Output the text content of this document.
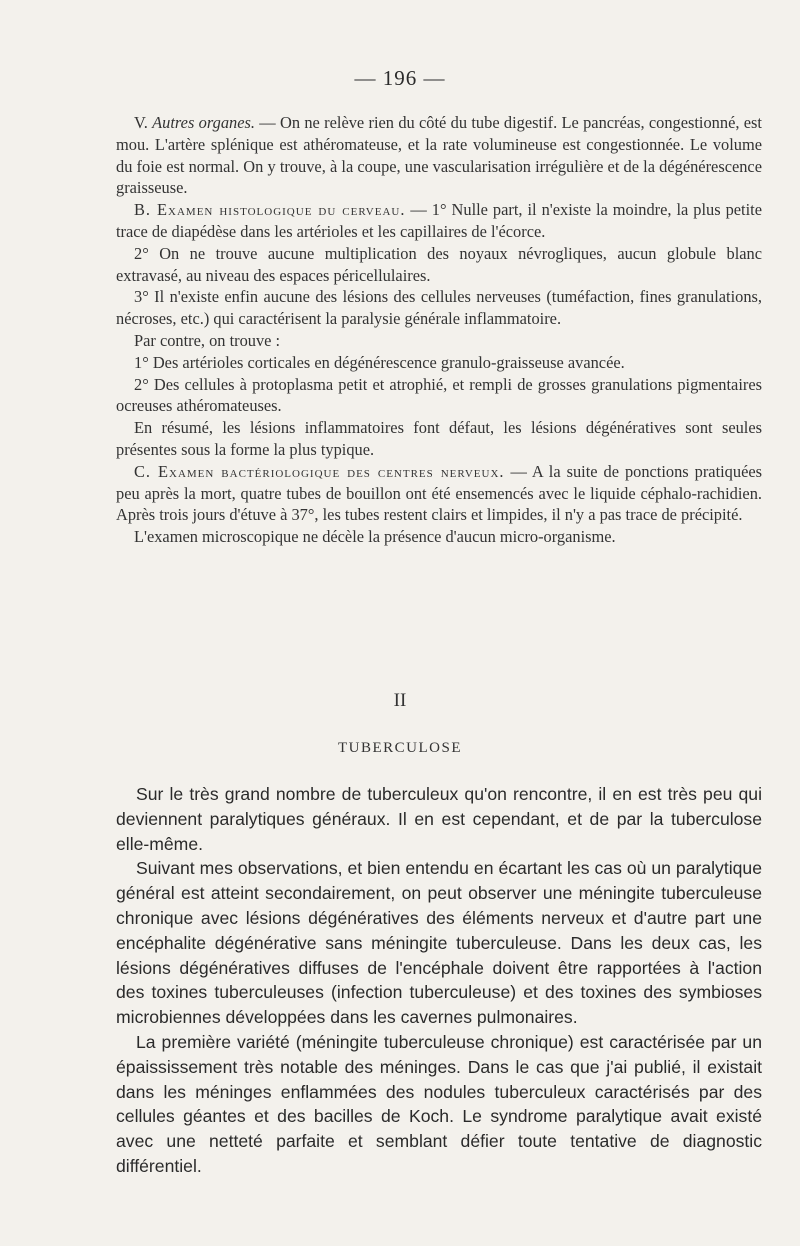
— 196 —

V. Autres organes. — On ne relève rien du côté du tube digestif. Le pancréas, congestionné, est mou. L'artère splénique est athéromateuse, et la rate volumineuse est congestionnée. Le volume du foie est normal. On y trouve, à la coupe, une vascularisation irrégulière et de la dégénérescence graisseuse.

B. Examen histologique du cerveau. — 1° Nulle part, il n'existe la moindre, la plus petite trace de diapédèse dans les artérioles et les capillaires de l'écorce.

2° On ne trouve aucune multiplication des noyaux névrogliques, aucun globule blanc extravasé, au niveau des espaces péricellulaires.

3° Il n'existe enfin aucune des lésions des cellules nerveuses (tuméfaction, fines granulations, nécroses, etc.) qui caractérisent la paralysie générale inflammatoire.

Par contre, on trouve :

1° Des artérioles corticales en dégénérescence granulo-graisseuse avancée.

2° Des cellules à protoplasma petit et atrophié, et rempli de grosses granulations pigmentaires ocreuses athéromateuses.

En résumé, les lésions inflammatoires font défaut, les lésions dégénératives sont seules présentes sous la forme la plus typique.

C. Examen bactériologique des centres nerveux. — A la suite de ponctions pratiquées peu après la mort, quatre tubes de bouillon ont été ensemencés avec le liquide céphalo-rachidien. Après trois jours d'étuve à 37°, les tubes restent clairs et limpides, il n'y a pas trace de précipité.

L'examen microscopique ne décèle la présence d'aucun micro-organisme.

II
TUBERCULOSE

Sur le très grand nombre de tuberculeux qu'on rencontre, il en est très peu qui deviennent paralytiques généraux. Il en est cependant, et de par la tuberculose elle-même.

Suivant mes observations, et bien entendu en écartant les cas où un paralytique général est atteint secondairement, on peut observer une méningite tuberculeuse chronique avec lésions dégénératives des éléments nerveux et d'autre part une encéphalite dégénérative sans méningite tuberculeuse. Dans les deux cas, les lésions dégénératives diffuses de l'encéphale doivent être rapportées à l'action des toxines tuberculeuses (infection tuberculeuse) et des toxines des symbioses microbiennes développées dans les cavernes pulmonaires.

La première variété (méningite tuberculeuse chronique) est caractérisée par un épaississement très notable des méninges. Dans le cas que j'ai publié, il existait dans les méninges enflammées des nodules tuberculeux caractérisés par des cellules géantes et des bacilles de Koch. Le syndrome paralytique avait existé avec une netteté parfaite et semblant défier toute tentative de diagnostic différentiel.
